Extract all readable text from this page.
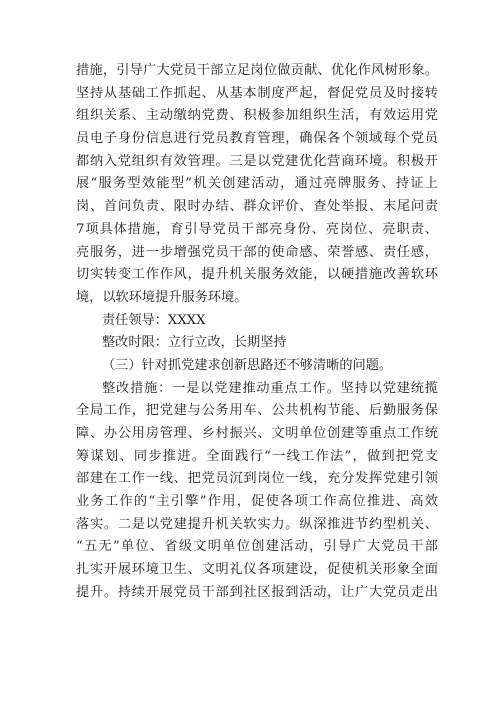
措施，引导广大党员干部立足岗位做贡献、优化作风树形象。
坚持从基础工作抓起、从基本制度严起，督促党员及时接转
组织关系、主动缴纳党费、积极参加组织生活，有效运用党
员电子身份信息进行党员教育管理，确保各个领域每个党员
都纳入党组织有效管理。三是以党建优化营商环境。积极开
展“服务型效能型”机关创建活动，通过亮牌服务、持证上
岗、首问负责、限时办结、群众评价、查处举报、末尾问责
7项具体措施，育引导党员干部亮身份、亮岗位、亮职责、
亮服务，进一步增强党员干部的使命感、荣誉感、责任感，
切实转变工作作风，提升机关服务效能，以硬措施改善软环
境，以软环境提升服务环境。
责任领导：XXXX
整改时限：立行立改，长期坚持
（三）针对抓党建求创新思路还不够清晰的问题。
整改措施：一是以党建推动重点工作。坚持以党建统揽
全局工作，把党建与公务用车、公共机构节能、后勤服务保
障、办公用房管理、乡村振兴、文明单位创建等重点工作统
筹谋划、同步推进。全面践行“一线工作法”，做到把党支
部建在工作一线、把党员沉到岗位一线，充分发挥党建引领
业务工作的“主引擎”作用，促使各项工作高位推进、高效
落实。二是以党建提升机关软实力。纵深推进节约型机关、
“五无”单位、省级文明单位创建活动，引导广大党员干部
扎实开展环境卫生、文明礼仪各项建设，促使机关形象全面
提升。持续开展党员干部到社区报到活动，让广大党员走出
